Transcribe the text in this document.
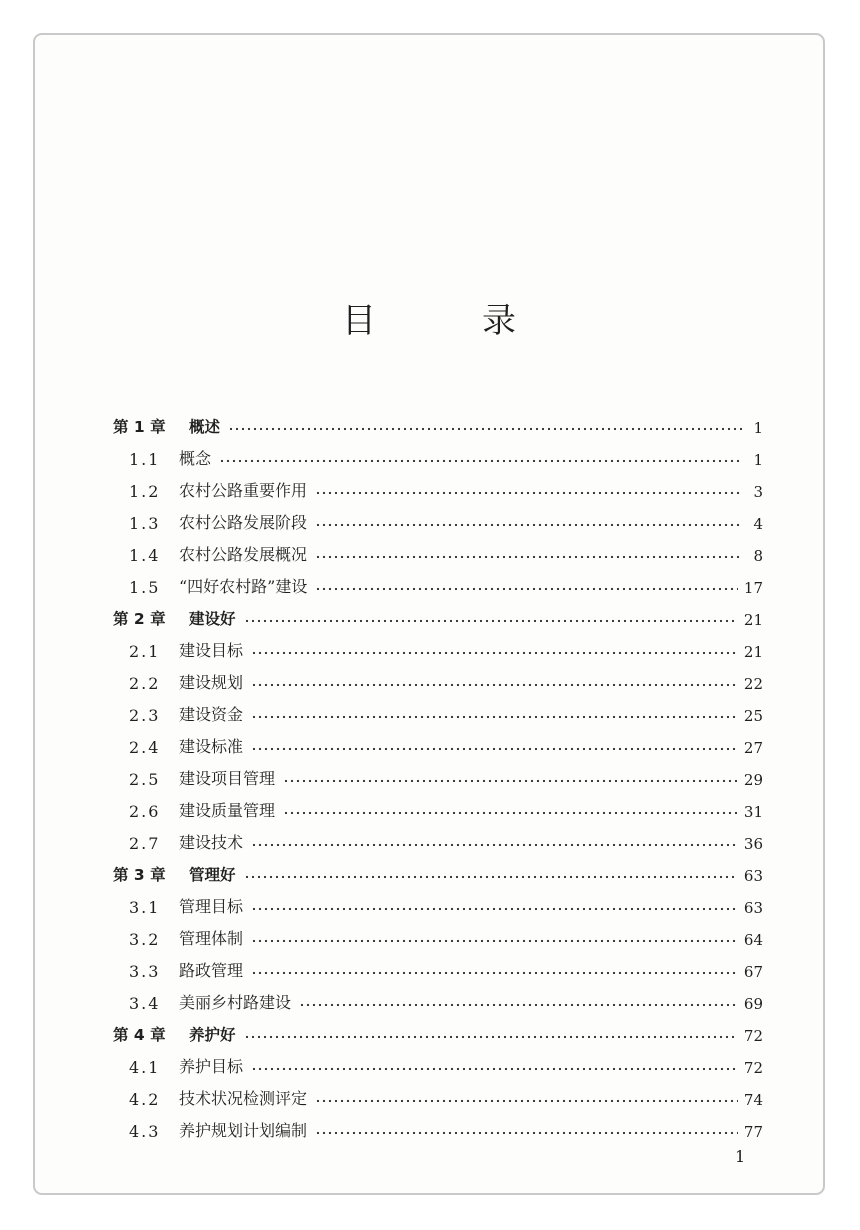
目　录
第 1 章	概述	1
1.1	概念	1
1.2	农村公路重要作用	3
1.3	农村公路发展阶段	4
1.4	农村公路发展概况	8
1.5	“四好农村路”建设	17
第 2 章	建设好	21
2.1	建设目标	21
2.2	建设规划	22
2.3	建设资金	25
2.4	建设标准	27
2.5	建设项目管理	29
2.6	建设质量管理	31
2.7	建设技术	36
第 3 章	管理好	63
3.1	管理目标	63
3.2	管理体制	64
3.3	路政管理	67
3.4	美丽乡村路建设	69
第 4 章	养护好	72
4.1	养护目标	72
4.2	技术状况检测评定	74
4.3	养护规划计划编制	77
1
